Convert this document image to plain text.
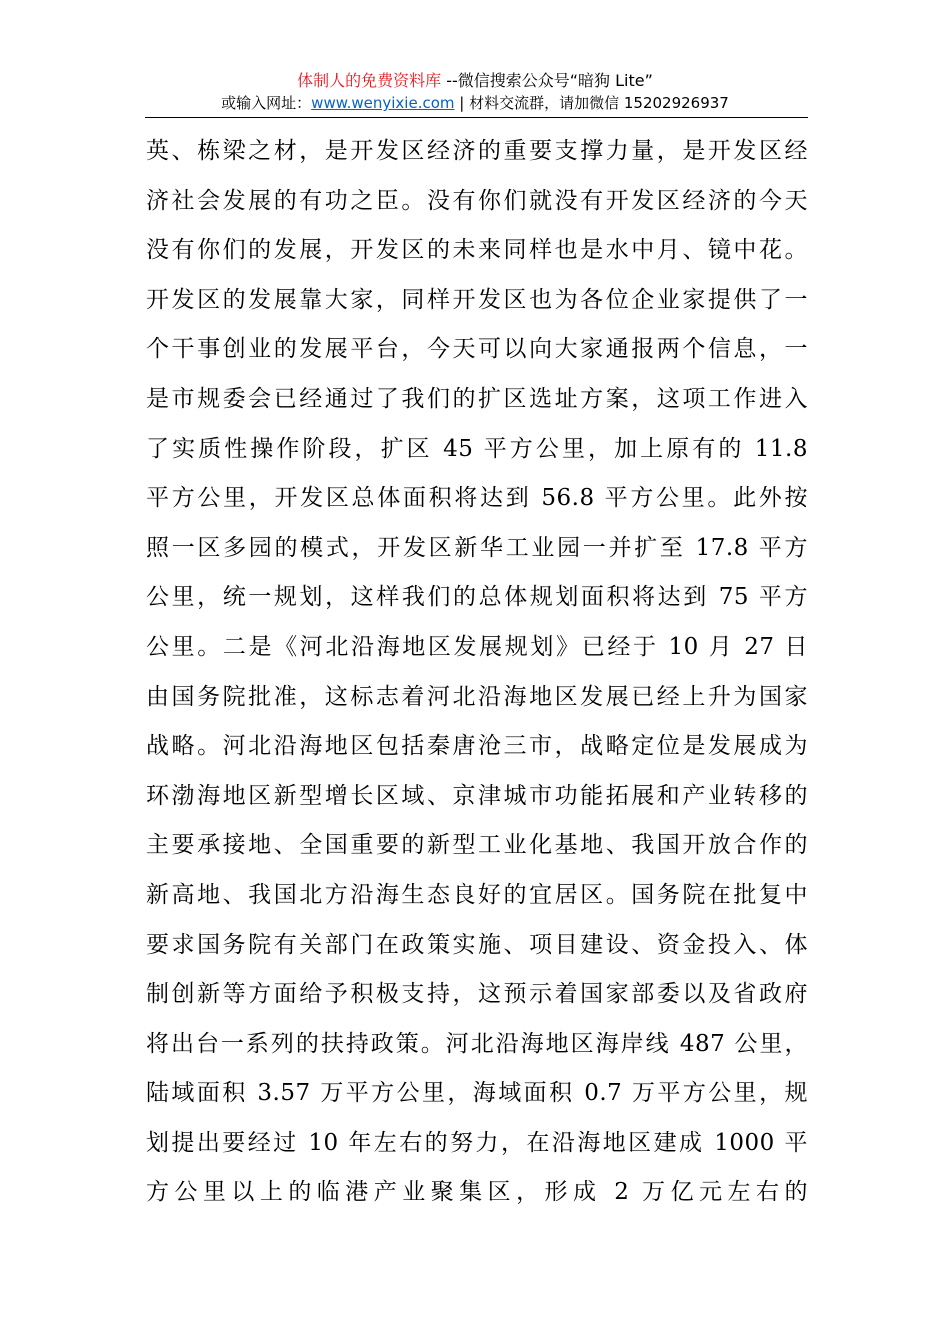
体制人的免费资料库 --微信搜索公众号“暗狗 Lite”
或输入网址：www.wenyixie.com | 材料交流群，请加微信 15202926937
英、栋梁之材，是开发区经济的重要支撑力量，是开发区经
济社会发展的有功之臣。没有你们就没有开发区经济的今天
没有你们的发展，开发区的未来同样也是水中月、镜中花。
开发区的发展靠大家，同样开发区也为各位企业家提供了一
个干事创业的发展平台，今天可以向大家通报两个信息，一
是市规委会已经通过了我们的扩区选址方案，这项工作进入
了实质性操作阶段，扩区 45 平方公里，加上原有的 11.8
平方公里，开发区总体面积将达到 56.8 平方公里。此外按
照一区多园的模式，开发区新华工业园一并扩至 17.8 平方
公里，统一规划，这样我们的总体规划面积将达到 75 平方
公里。二是《河北沿海地区发展规划》已经于 10 月 27 日
由国务院批准，这标志着河北沿海地区发展已经上升为国家
战略。河北沿海地区包括秦唐沧三市，战略定位是发展成为
环渤海地区新型增长区域、京津城市功能拓展和产业转移的
主要承接地、全国重要的新型工业化基地、我国开放合作的
新高地、我国北方沿海生态良好的宜居区。国务院在批复中
要求国务院有关部门在政策实施、项目建设、资金投入、体
制创新等方面给予积极支持，这预示着国家部委以及省政府
将出台一系列的扶持政策。河北沿海地区海岸线 487 公里，
陆域面积 3.57 万平方公里，海域面积 0.7 万平方公里，规
划提出要经过 10 年左右的努力，在沿海地区建成 1000 平
方公里以上的临港产业聚集区，形成 2 万亿元左右的
